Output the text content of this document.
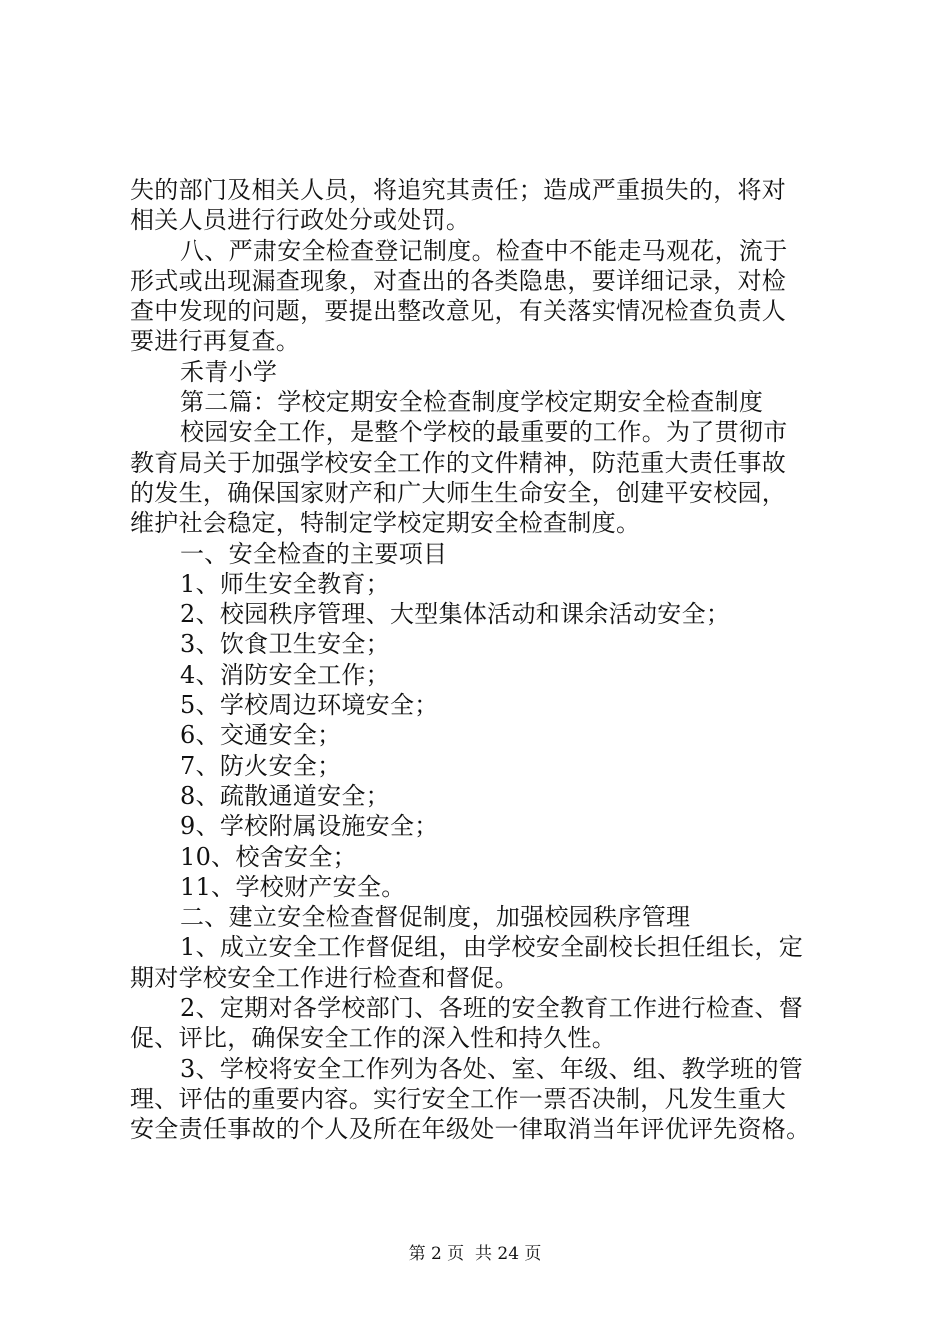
失的部门及相关人员，将追究其责任；造成严重损失的，将对
相关人员进行行政处分或处罚。
八、严肃安全检查登记制度。检查中不能走马观花，流于
形式或出现漏查现象，对查出的各类隐患，要详细记录，对检
查中发现的问题，要提出整改意见，有关落实情况检查负责人
要进行再复查。
禾青小学
第二篇：学校定期安全检查制度学校定期安全检查制度
校园安全工作，是整个学校的最重要的工作。为了贯彻市
教育局关于加强学校安全工作的文件精神，防范重大责任事故
的发生，确保国家财产和广大师生生命安全，创建平安校园，
维护社会稳定，特制定学校定期安全检查制度。
一、安全检查的主要项目
1、师生安全教育；
2、校园秩序管理、大型集体活动和课余活动安全；
3、饮食卫生安全；
4、消防安全工作；
5、学校周边环境安全；
6、交通安全；
7、防火安全；
8、疏散通道安全；
9、学校附属设施安全；
10、校舍安全；
11、学校财产安全。
二、建立安全检查督促制度，加强校园秩序管理
1、成立安全工作督促组，由学校安全副校长担任组长，定
期对学校安全工作进行检查和督促。
2、定期对各学校部门、各班的安全教育工作进行检查、督
促、评比，确保安全工作的深入性和持久性。
3、学校将安全工作列为各处、室、年级、组、教学班的管
理、评估的重要内容。实行安全工作一票否决制，凡发生重大
安全责任事故的个人及所在年级处一律取消当年评优评先资格。
第 2 页  共 24 页
